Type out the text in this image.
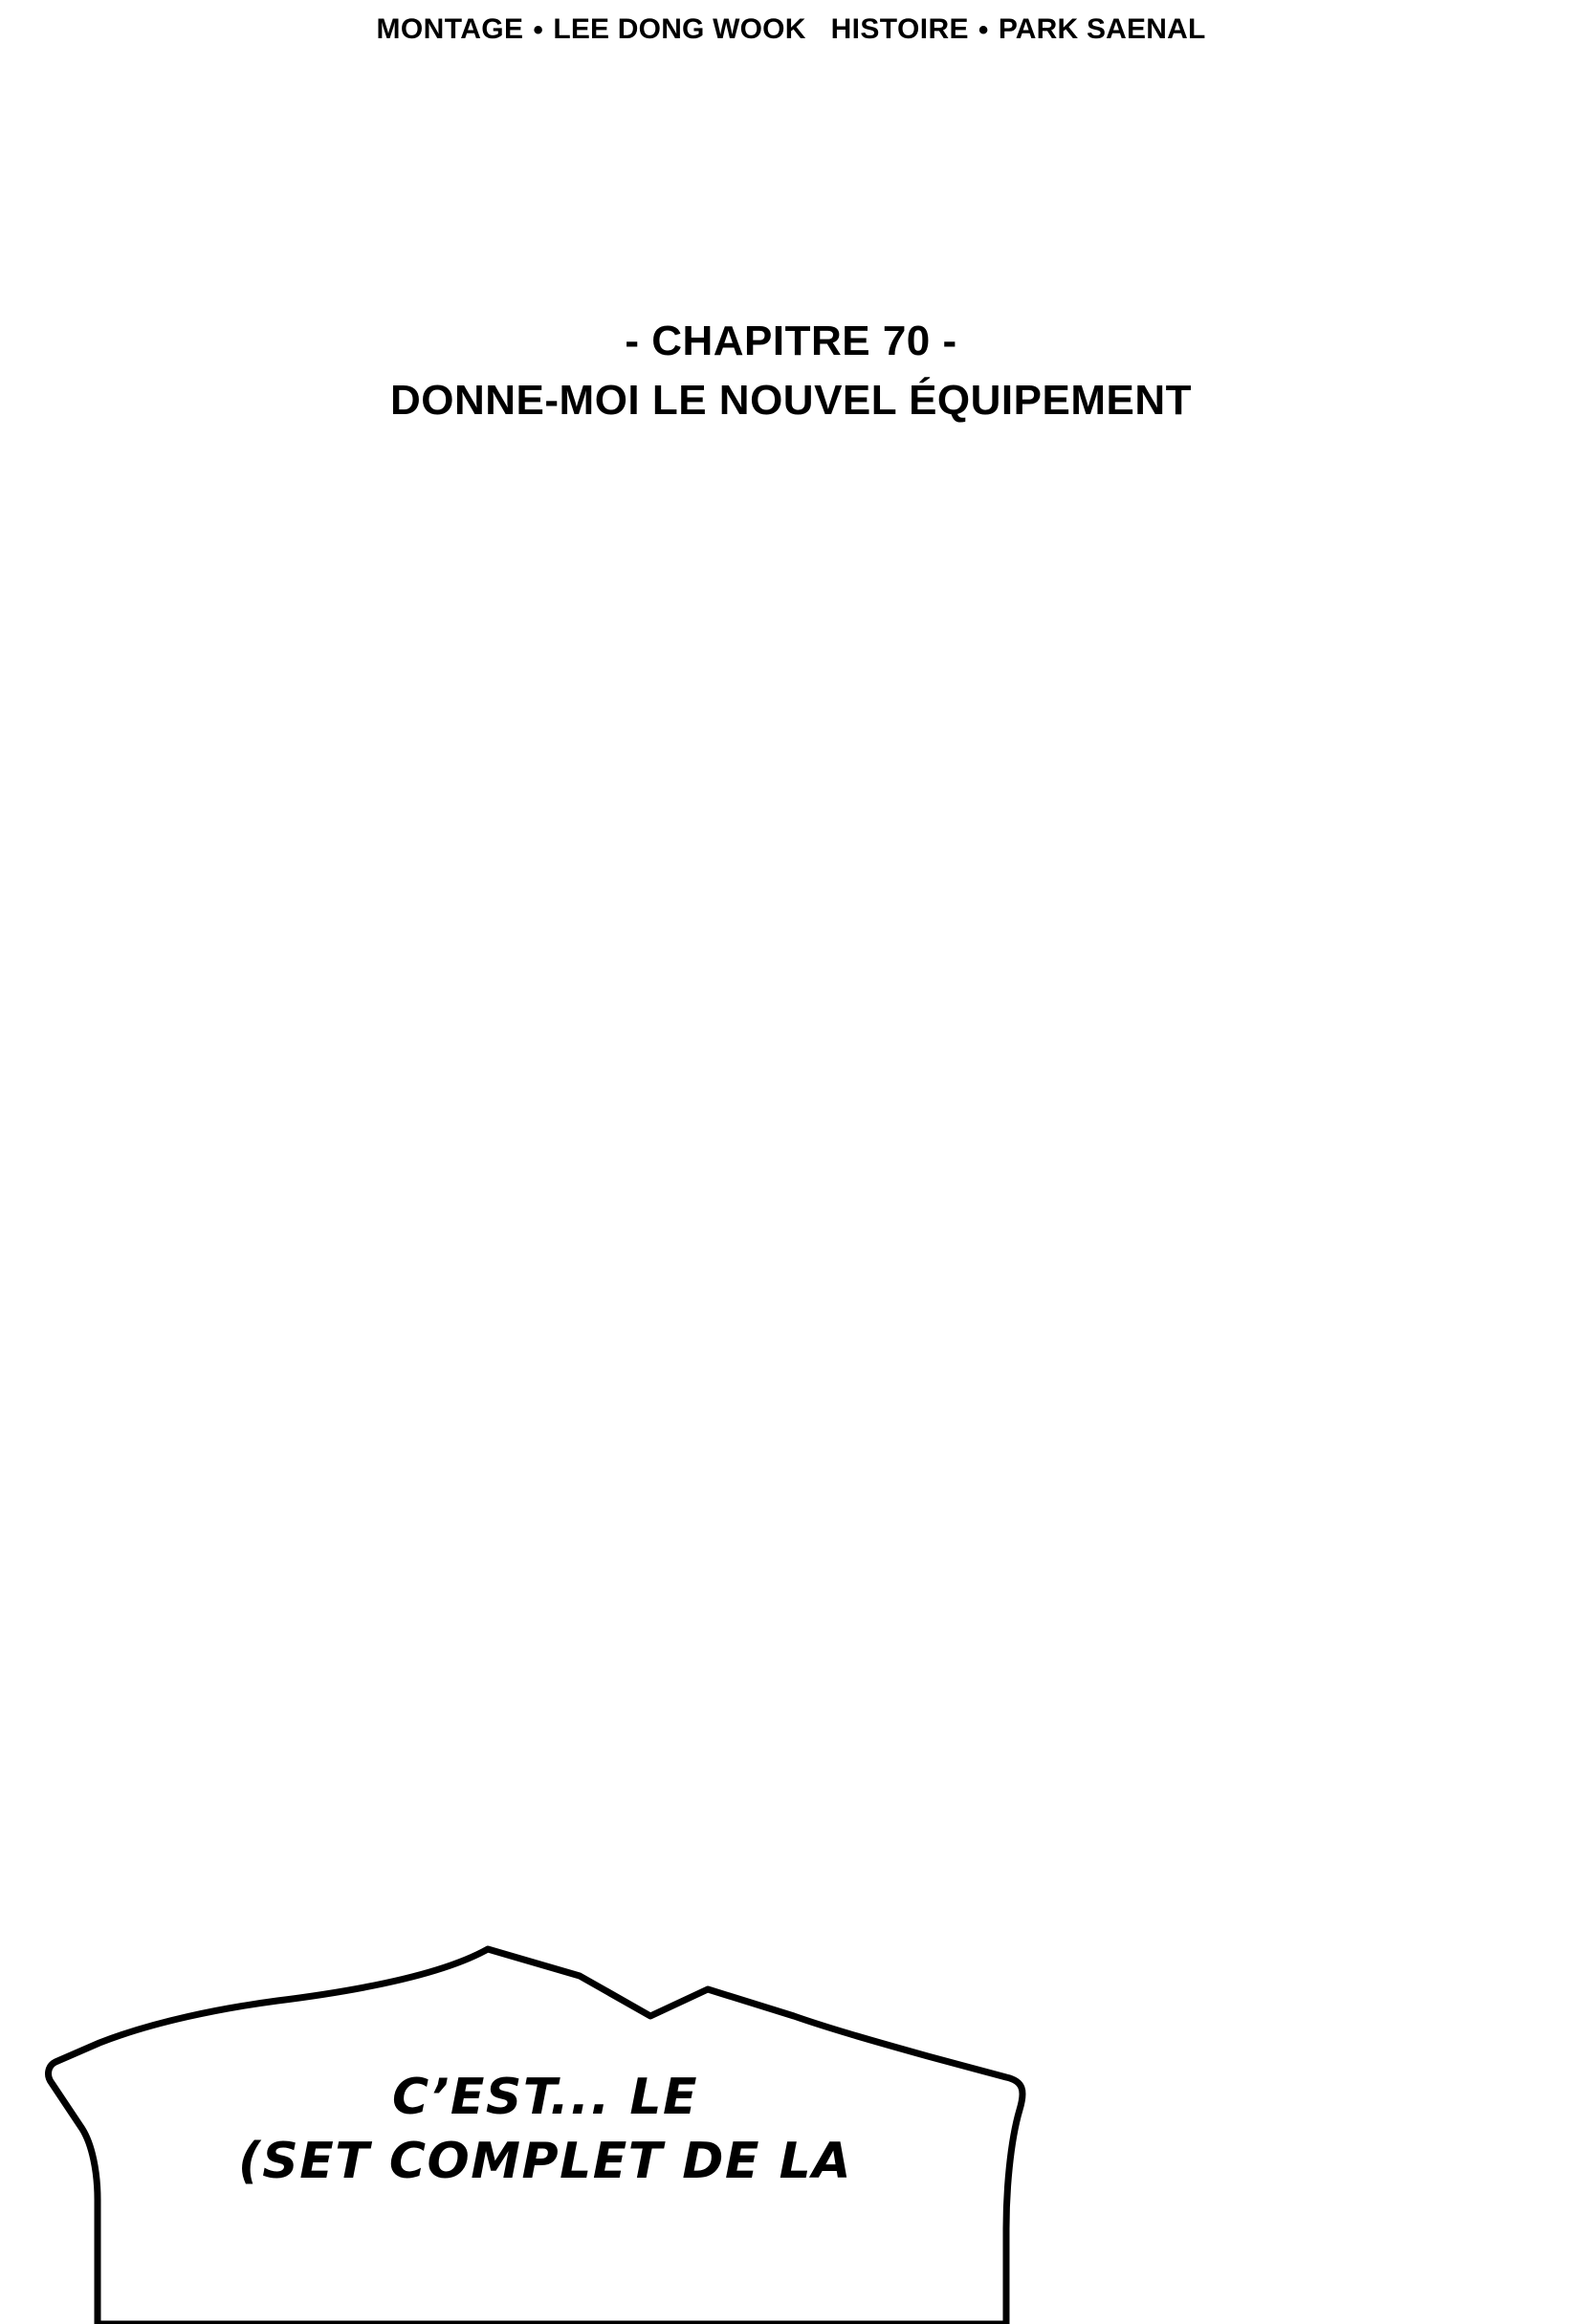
MONTAGE • LEE DONG WOOK HISTOIRE • PARK SAENAL
- CHAPITRE 70 -
DONNE-MOI LE NOUVEL ÉQUIPEMENT
C’EST... LE
(SET COMPLET DE LA
